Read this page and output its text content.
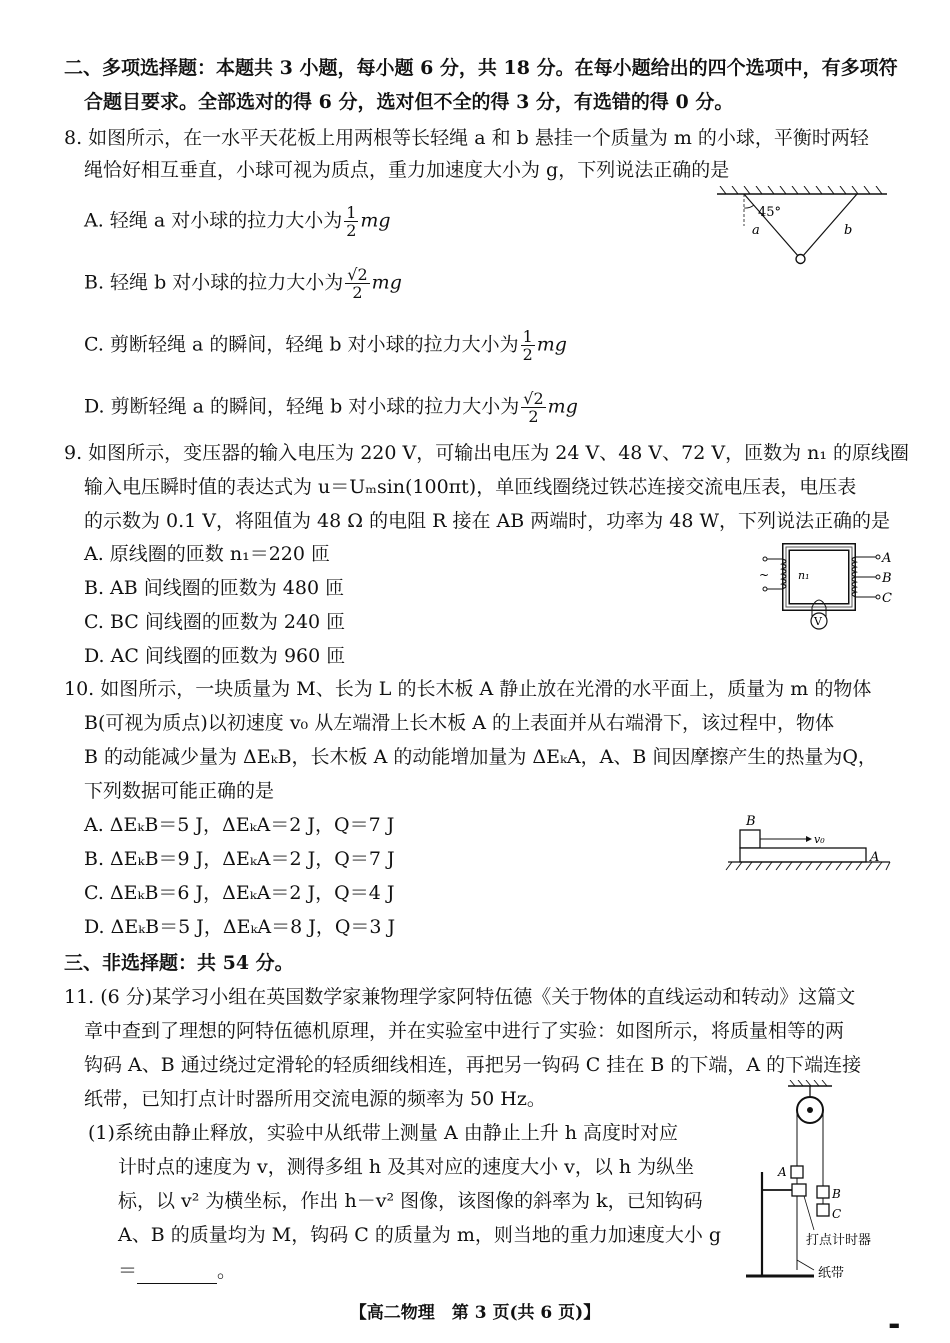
二、多项选择题：本题共 3 小题，每小题 6 分，共 18 分。在每小题给出的四个选项中，有多项符
合题目要求。全部选对的得 6 分，选对但不全的得 3 分，有选错的得 0 分。
8. 如图所示，在一水平天花板上用两根等长轻绳 a 和 b 悬挂一个质量为 m 的小球，平衡时两轻
绳恰好相互垂直，小球可视为质点，重力加速度大小为 g，下列说法正确的是
A. 轻绳 a 对小球的拉力大小为 $\frac{1}{2}$ mg
B. 轻绳 b 对小球的拉力大小为 $\frac{√2}{2}$ mg
C. 剪断轻绳 a 的瞬间，轻绳 b 对小球的拉力大小为 $\frac{1}{2}$ mg
D. 剪断轻绳 a 的瞬间，轻绳 b 对小球的拉力大小为 $\frac{√2}{2}$ mg
45°
a	b
9. 如图所示，变压器的输入电压为 220 V，可输出电压为 24 V、48 V、72 V，匝数为 n₁ 的原线圈
输入电压瞬时值的表达式为 u＝Uₘsin(100πt)，单匝线圈绕过铁芯连接交流电压表，电压表
的示数为 0.1 V，将阻值为 48 Ω 的电阻 R 接在 AB 两端时，功率为 48 W，下列说法正确的是
A. 原线圈的匝数 n₁＝220 匝
B. AB 间线圈的匝数为 480 匝
C. BC 间线圈的匝数为 240 匝
D. AC 间线圈的匝数为 960 匝
A
B
C
n₁
~
V
10. 如图所示，一块质量为 M、长为 L 的长木板 A 静止放在光滑的水平面上，质量为 m 的物体
B(可视为质点)以初速度 v₀ 从左端滑上长木板 A 的上表面并从右端滑下，该过程中，物体
B 的动能减少量为 ΔEₖB，长木板 A 的动能增加量为 ΔEₖA，A、B 间因摩擦产生的热量为Q，
下列数据可能正确的是
A. ΔEₖB＝5 J，ΔEₖA＝2 J，Q＝7 J
B. ΔEₖB＝9 J，ΔEₖA＝2 J，Q＝7 J
C. ΔEₖB＝6 J，ΔEₖA＝2 J，Q＝4 J
D. ΔEₖB＝5 J，ΔEₖA＝8 J，Q＝3 J
B
A
v₀
三、非选择题：共 54 分。
11. (6 分)某学习小组在英国数学家兼物理学家阿特伍德《关于物体的直线运动和转动》这篇文
章中查到了理想的阿特伍德机原理，并在实验室中进行了实验：如图所示，将质量相等的两
钩码 A、B 通过绕过定滑轮的轻质细线相连，再把另一钩码 C 挂在 B 的下端，A 的下端连接
纸带，已知打点计时器所用交流电源的频率为 50 Hz。
(1)系统由静止释放，实验中从纸带上测量 A 由静止上升 h 高度时对应
计时点的速度为 v，测得多组 h 及其对应的速度大小 v，以 h 为纵坐
标，以 v² 为横坐标，作出 h－v² 图像，该图像的斜率为 k，已知钩码
A、B 的质量均为 M，钩码 C 的质量为 m，则当地的重力加速度大小 g
＝	。
A
B
C
打点计时器
纸带
【高二物理　第 3 页(共 6 页)】
▬
